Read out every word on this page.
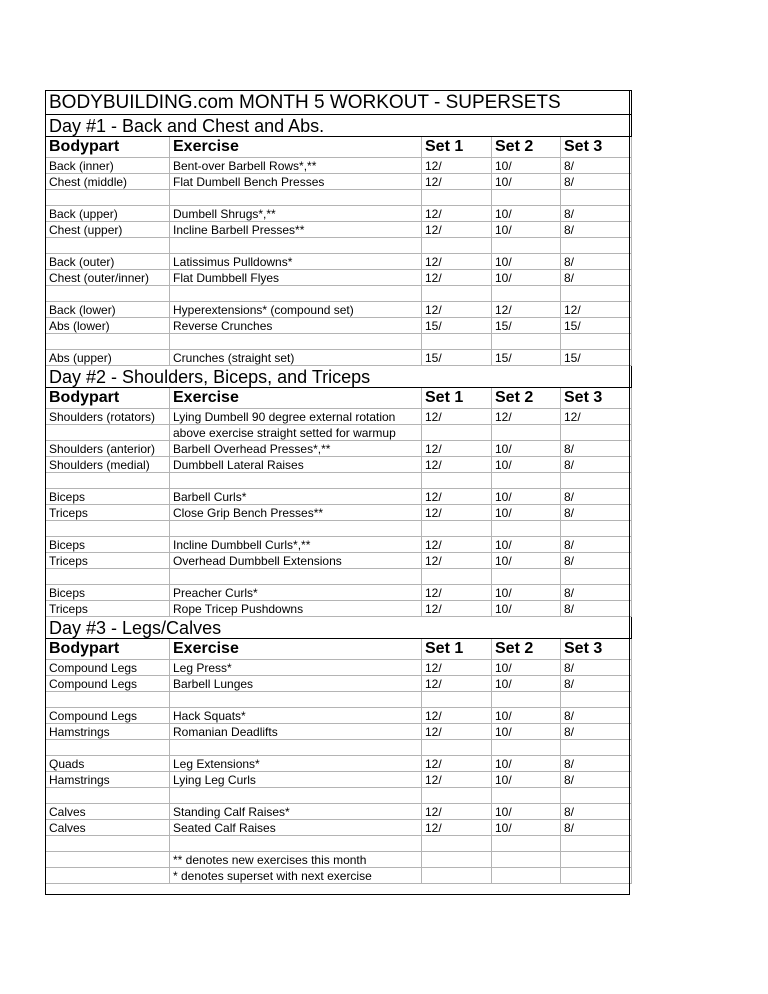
BODYBUILDING.com MONTH 5 WORKOUT - SUPERSETS				
Day #1 - Back and Chest and Abs.				
Bodypart	Exercise	Set 1	Set 2	Set 3
Back (inner)	Bent-over Barbell Rows*,**	12/	10/	8/
Chest (middle)	Flat Dumbell Bench Presses	12/	10/	8/

Back (upper)	Dumbell Shrugs*,**	12/	10/	8/
Chest (upper)	Incline Barbell Presses**	12/	10/	8/

Back (outer)	Latissimus Pulldowns*	12/	10/	8/
Chest (outer/inner)	Flat Dumbbell Flyes	12/	10/	8/

Back (lower)	Hyperextensions* (compound set)	12/	12/	12/
Abs (lower)	Reverse Crunches	15/	15/	15/

Abs (upper)	Crunches (straight set)	15/	15/	15/
Day #2 - Shoulders, Biceps, and Triceps				
Bodypart	Exercise	Set 1	Set 2	Set 3
Shoulders (rotators)	Lying Dumbell 90 degree external rotation	12/	12/	12/
	above exercise straight setted for warmup			
Shoulders (anterior)	Barbell Overhead Presses*,**	12/	10/	8/
Shoulders (medial)	Dumbbell Lateral Raises	12/	10/	8/

Biceps	Barbell Curls*	12/	10/	8/
Triceps	Close Grip Bench Presses**	12/	10/	8/

Biceps	Incline Dumbbell Curls*,**	12/	10/	8/
Triceps	Overhead Dumbbell Extensions	12/	10/	8/

Biceps	Preacher Curls*	12/	10/	8/
Triceps	Rope Tricep Pushdowns	12/	10/	8/
Day #3 - Legs/Calves				
Bodypart	Exercise	Set 1	Set 2	Set 3
Compound Legs	Leg Press*	12/	10/	8/
Compound Legs	Barbell Lunges	12/	10/	8/

Compound Legs	Hack Squats*	12/	10/	8/
Hamstrings	Romanian Deadlifts	12/	10/	8/

Quads	Leg Extensions*	12/	10/	8/
Hamstrings	Lying Leg Curls	12/	10/	8/

Calves	Standing Calf Raises*	12/	10/	8/
Calves	Seated Calf Raises	12/	10/	8/

	** denotes new exercises this month			
	* denotes superset with next exercise			
